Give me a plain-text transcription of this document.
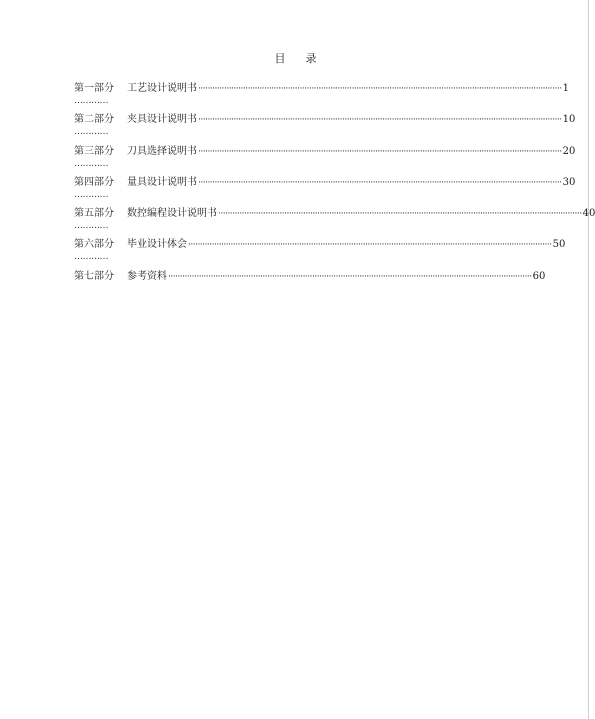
目 录
第一部分	工艺设计说明书 ·························································································································································· 1
…………
第二部分	夹具设计说明书 ·························································································································································· 10
…………
第三部分	刀具选择说明书 ·························································································································································· 20
…………
第四部分	量具设计说明书 ·························································································································································· 30
…………
第五部分	数控编程设计说明书 ·························································································································································· 40
…………
第六部分	毕业设计体会 ·························································································································································· 50
…………
第七部分	参考资料 ·························································································································································· 60
